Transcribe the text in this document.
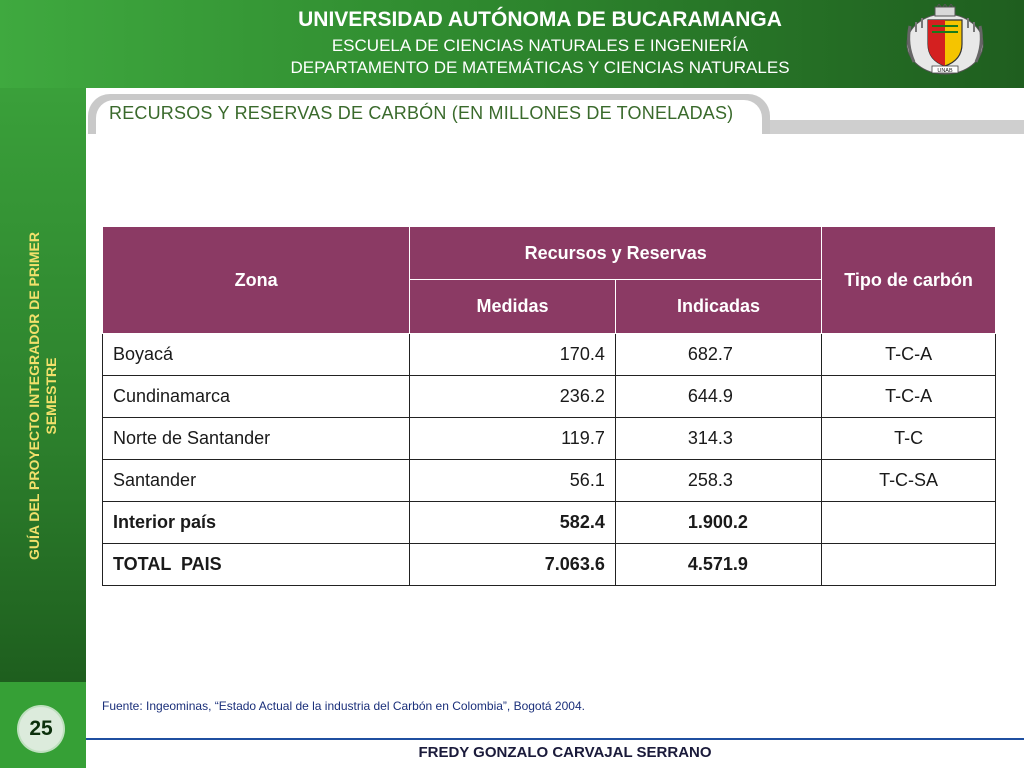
UNIVERSIDAD AUTÓNOMA DE BUCARAMANGA
ESCUELA DE CIENCIAS NATURALES E INGENIERÍA
DEPARTAMENTO DE MATEMÁTICAS Y CIENCIAS NATURALES	UNAB
GUÍA DEL PROYECTO INTEGRADOR DE PRIMER SEMESTRE
25
RECURSOS Y RESERVAS DE CARBÓN (EN MILLONES DE TONELADAS)
Zona	Recursos y Reservas		Tipo de carbón
	Medidas	Indicadas	
Boyacá	170.4	682.7	T-C-A
Cundinamarca	236.2	644.9	T-C-A
Norte de Santander	119.7	314.3	T-C
Santander	56.1	258.3	T-C-SA
Interior país	582.4	1.900.2	
TOTAL  PAIS	7.063.6	4.571.9	
Fuente: Ingeominas, “Estado Actual de la industria del Carbón en Colombia”, Bogotá 2004.
FREDY GONZALO CARVAJAL SERRANO
